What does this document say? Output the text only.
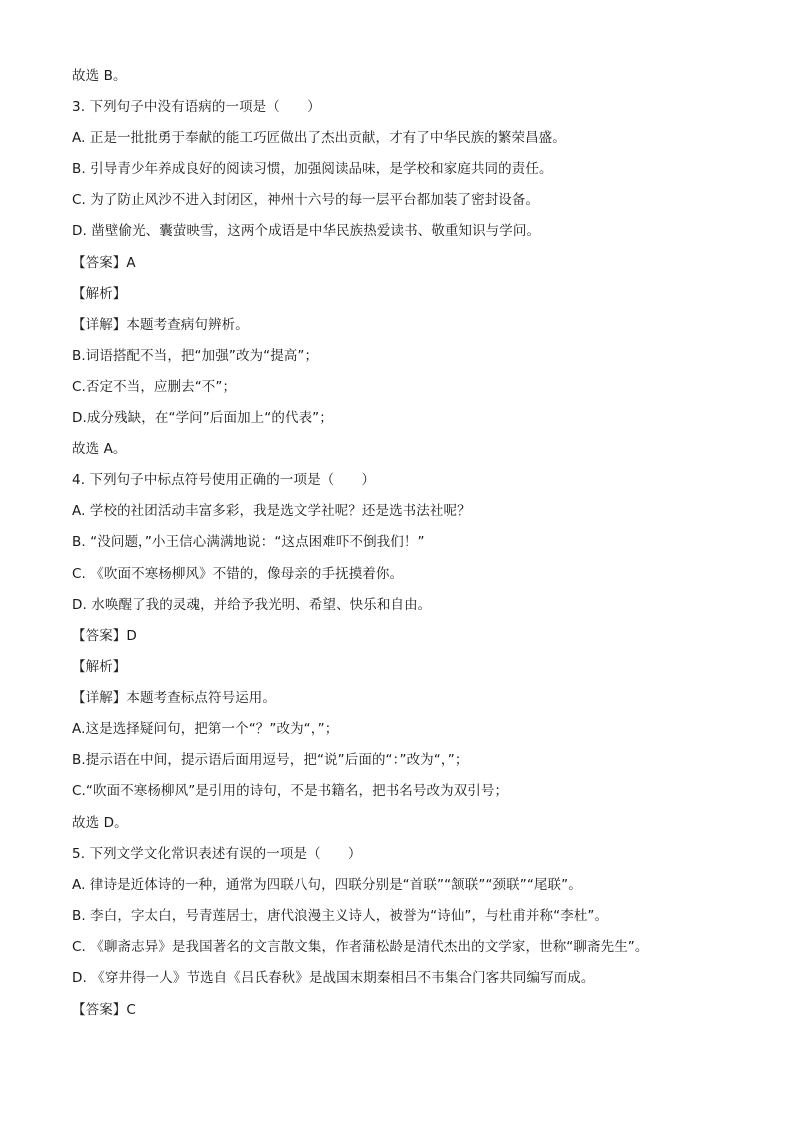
故选 B。
3. 下列句子中没有语病的一项是（　　）
A. 正是一批批勇于奉献的能工巧匠做出了杰出贡献，才有了中华民族的繁荣昌盛。
B. 引导青少年养成良好的阅读习惯，加强阅读品味，是学校和家庭共同的责任。
C. 为了防止风沙不进入封闭区，神州十六号的每一层平台都加装了密封设备。
D. 凿壁偷光、囊萤映雪，这两个成语是中华民族热爱读书、敬重知识与学问。
【答案】A
【解析】
【详解】本题考查病句辨析。
B.词语搭配不当，把“加强”改为“提高”；
C.否定不当，应删去“不”；
D.成分残缺，在“学问”后面加上“的代表”；
故选 A。
4. 下列句子中标点符号使用正确的一项是（　　）
A. 学校的社团活动丰富多彩，我是选文学社呢？还是选书法社呢？
B. “没问题，”小王信心满满地说：“这点困难吓不倒我们！”
C. 《吹面不寒杨柳风》不错的，像母亲的手抚摸着你。
D. 水唤醒了我的灵魂，并给予我光明、希望、快乐和自由。
【答案】D
【解析】
【详解】本题考查标点符号运用。
A.这是选择疑问句，把第一个“？”改为“，”；
B.提示语在中间，提示语后面用逗号，把“说”后面的“：”改为“，”；
C.“吹面不寒杨柳风”是引用的诗句，不是书籍名，把书名号改为双引号；
故选 D。
5. 下列文学文化常识表述有误的一项是（　　）
A. 律诗是近体诗的一种，通常为四联八句，四联分别是“首联”“颔联”“颈联”“尾联”。
B. 李白，字太白，号青莲居士，唐代浪漫主义诗人，被誉为“诗仙”，与杜甫并称“李杜”。
C. 《聊斋志异》是我国著名的文言散文集，作者蒲松龄是清代杰出的文学家，世称“聊斋先生”。
D. 《穿井得一人》节选自《吕氏春秋》是战国末期秦相吕不韦集合门客共同编写而成。
【答案】C
